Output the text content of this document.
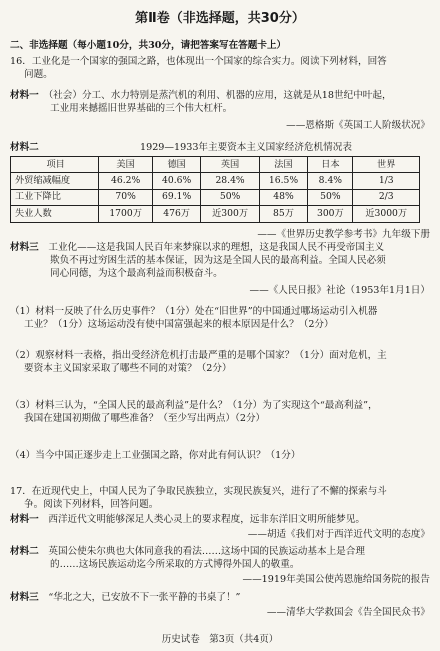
第Ⅱ卷（非选择题，共30分）
二、非选择题（每小题10分，共30分，请把答案写在答题卡上）
16．工业化是一个国家的强国之路，也体现出一个国家的综合实力。阅读下列材料，回答
问题。
材料一　 （社会）分工、水力特别是蒸汽机的利用、机器的应用，这就是从18世纪中叶起，
工业用来撼摇旧世界基础的三个伟大杠杆。
——恩格斯《英国工人阶级状况》
材料二	1929—1933年主要资本主义国家经济危机情况表
项目	美国	德国	英国	法国	日本	世界
外贸缩减幅度	46.2%	40.6%	28.4%	16.5%	8.4%	1/3
工业下降比	70%	69.1%	50%	48%	50%	2/3
失业人数	1700万	476万	近300万	85万	300万	近3000万
——《世界历史教学参考书》九年级下册
材料三　 工业化——这是我国人民百年来梦寐以求的理想，这是我国人民不再受帝国主义
欺负不再过穷困生活的基本保证，因为这是全国人民的最高利益。全国人民必须
同心同德，为这个最高利益而积极奋斗。
——《人民日报》社论（1953年1月1日）
（1）材料一反映了什么历史事件？（1分）处在“旧世界”的中国通过哪场运动引入机器
工业？（1分）这场运动没有使中国富强起来的根本原因是什么？（2分）
（2）观察材料一表格，指出受经济危机打击最严重的是哪个国家？（1分）面对危机，主
要资本主义国家采取了哪些不同的对策？（2分）
（3）材料三认为，“全国人民的最高利益”是什么？（1分）为了实现这个“最高利益”，
我国在建国初期做了哪些准备？（至少写出两点）（2分）
（4）当今中国正逐步走上工业强国之路，你对此有何认识？（1分）
17．在近现代史上，中国人民为了争取民族独立，实现民族复兴，进行了不懈的探索与斗
争。阅读下列材料，回答问题。
材料一　 西洋近代文明能够深足人类心灵上的要求程度，远非东洋旧文明所能梦见。
——胡适《我们对于西洋近代文明的态度》
材料二　 英国公使朱尔典也大体同意我的看法……这场中国的民族运动基本上是合理
的……这场民族运动迄今所采取的方式博得外国人的敬重。
——1919年美国公使芮恩施给国务院的报告
材料三　 “华北之大，已安放不下一张平静的书桌了！”
——清华大学救国会《告全国民众书》
历史试卷　第3页（共4页）
